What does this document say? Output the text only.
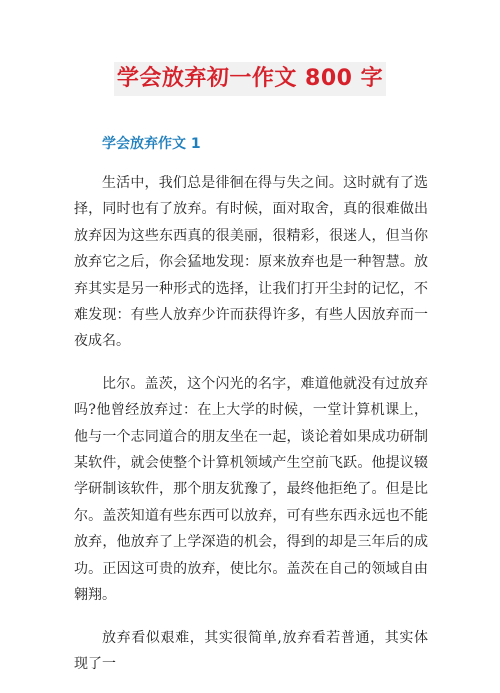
学会放弃初一作文 800 字
学会放弃作文 1

生活中，我们总是徘徊在得与失之间。这时就有了选择，同时也有了放弃。有时候，面对取舍，真的很难做出放弃因为这些东西真的很美丽，很精彩，很迷人，但当你放弃它之后，你会猛地发现：原来放弃也是一种智慧。放弃其实是另一种形式的选择，让我们打开尘封的记忆，不难发现：有些人放弃少许而获得许多，有些人因放弃而一夜成名。

比尔。盖茨，这个闪光的名字，难道他就没有过放弃吗?他曾经放弃过：在上大学的时候，一堂计算机课上，他与一个志同道合的朋友坐在一起，谈论着如果成功研制某软件，就会使整个计算机领域产生空前飞跃。他提议辍学研制该软件，那个朋友犹豫了，最终他拒绝了。但是比尔。盖茨知道有些东西可以放弃，可有些东西永远也不能放弃，他放弃了上学深造的机会，得到的却是三年后的成功。正因这可贵的放弃，使比尔。盖茨在自己的领域自由翱翔。

放弃看似艰难，其实很简单,放弃看若普通，其实体现了一
